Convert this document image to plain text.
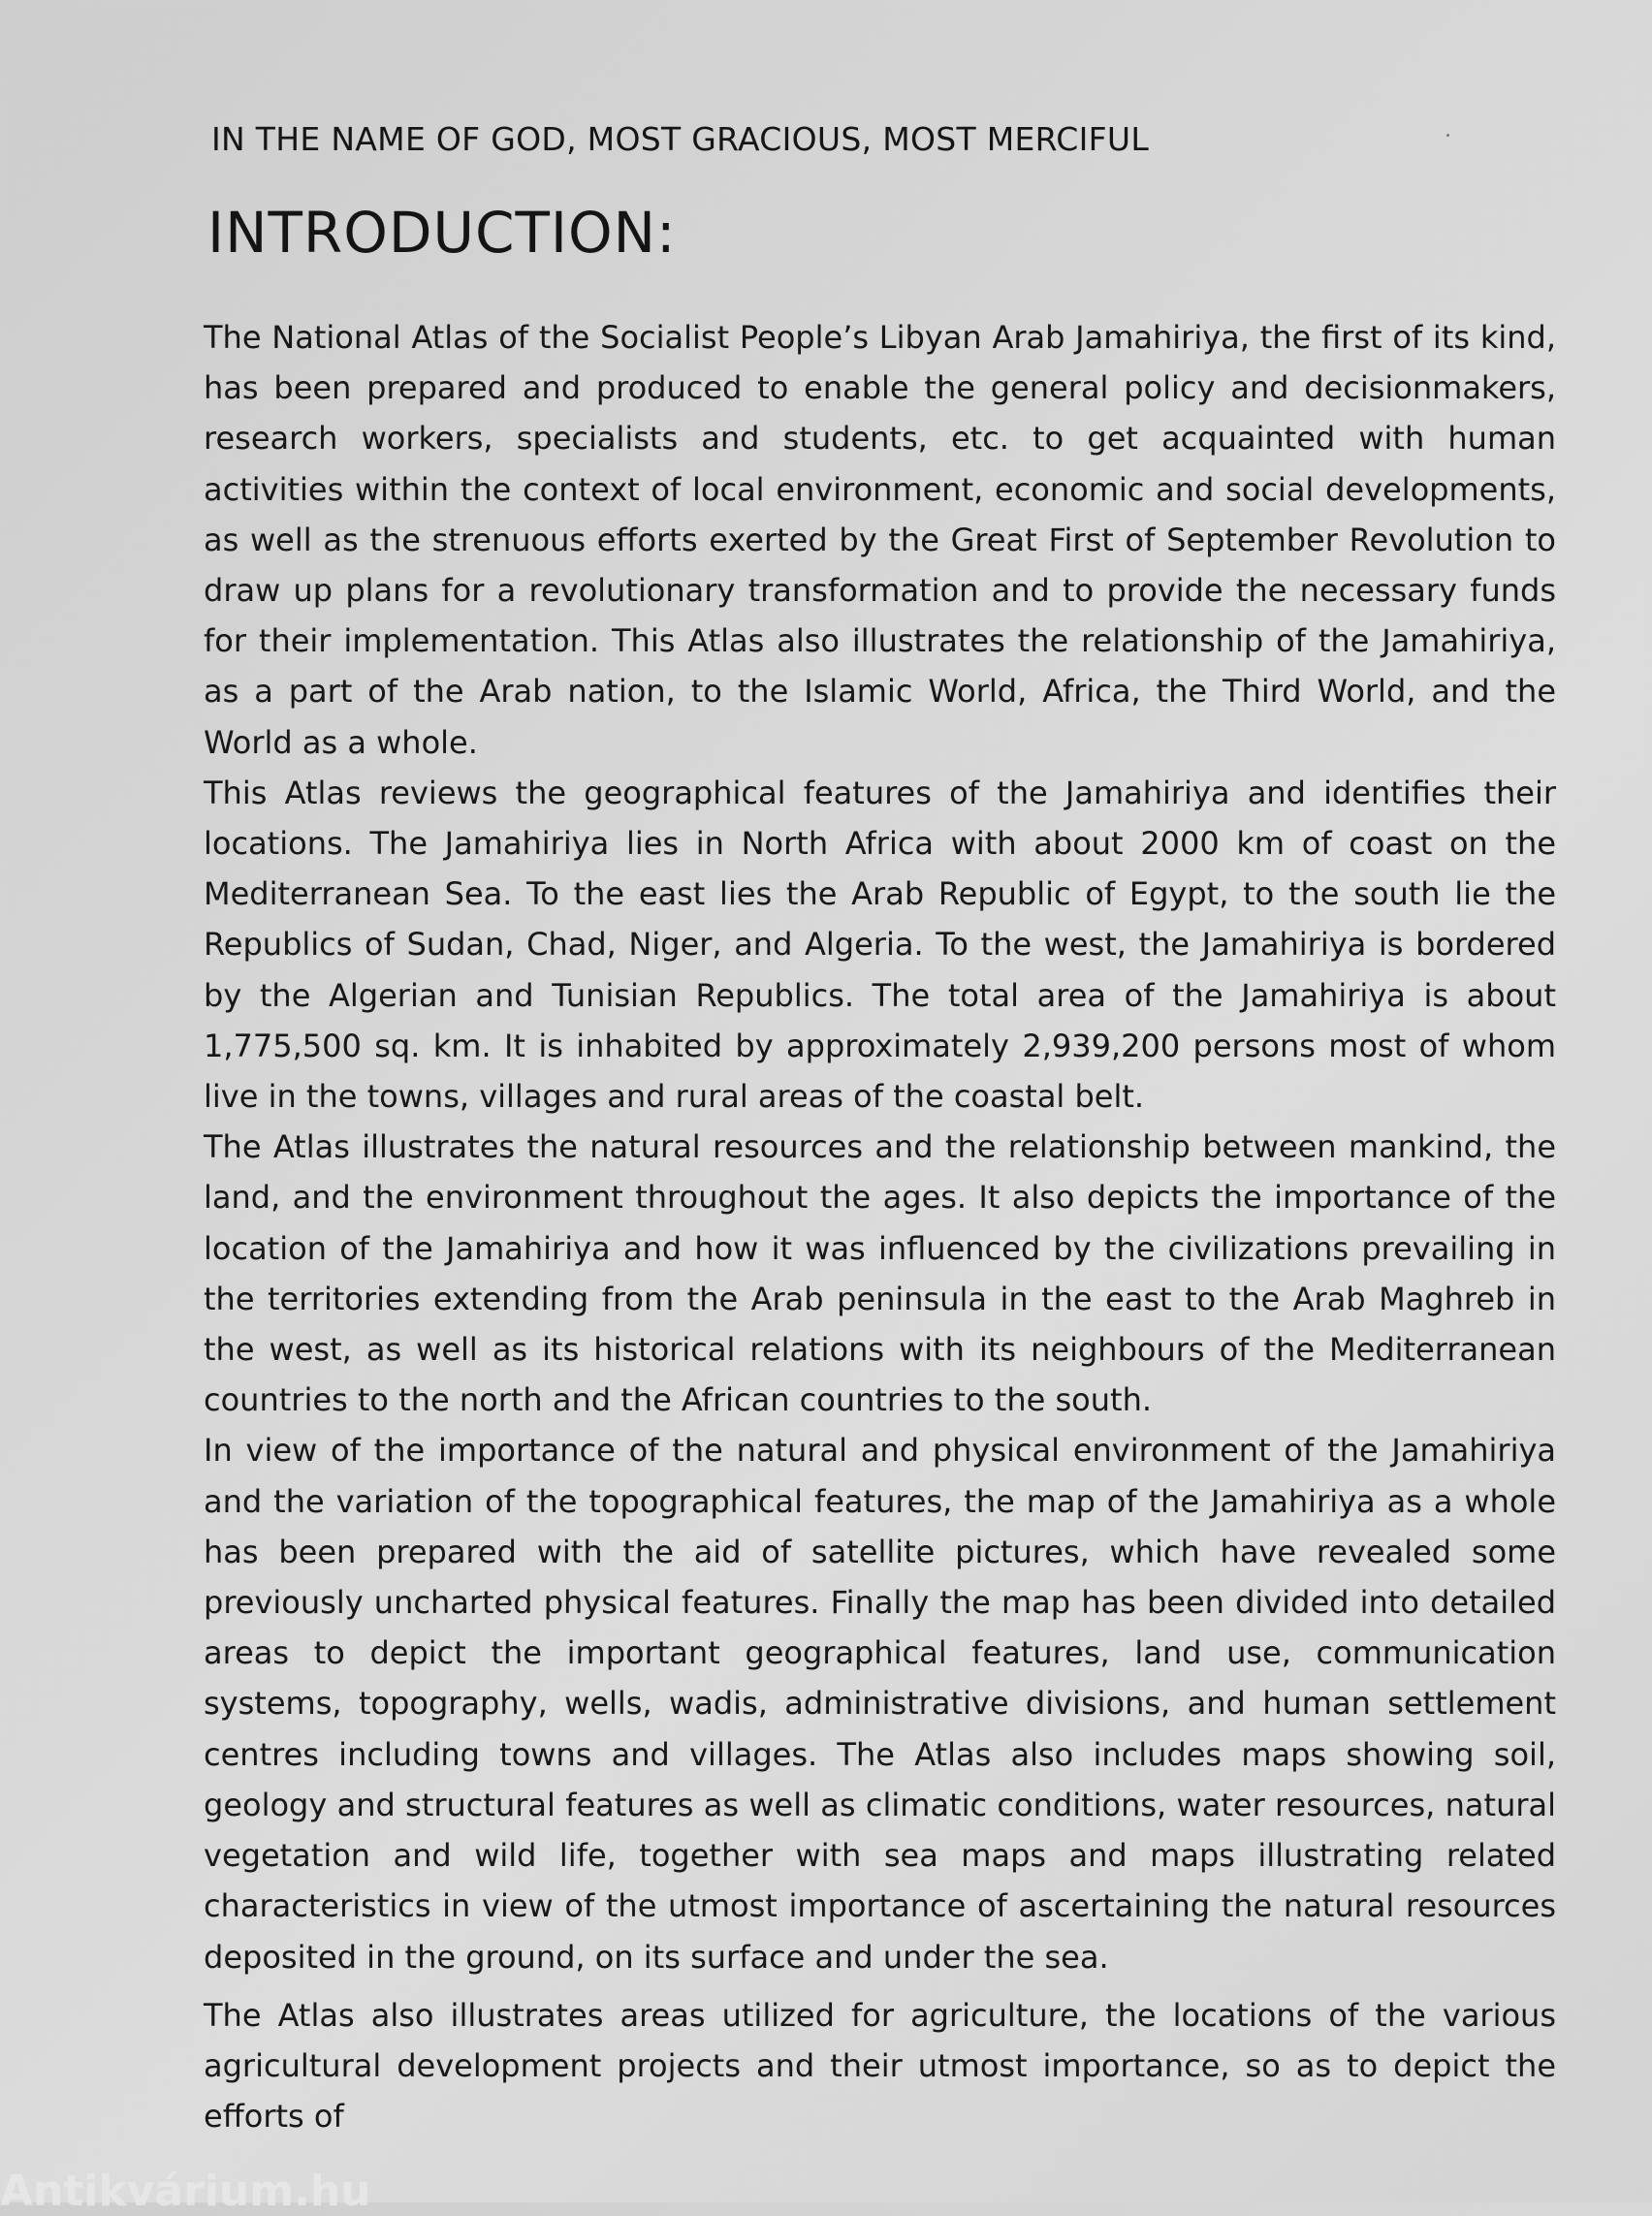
IN THE NAME OF GOD, MOST GRACIOUS, MOST MERCIFUL
INTRODUCTION:

The National Atlas of the Socialist People’s Libyan Arab Jamahiriya, the first of its kind, has been prepared and produced to enable the general policy and decisionmakers, research workers, specialists and students, etc. to get acquainted with human activities within the context of local environment, economic and social developments, as well as the strenuous efforts exerted by the Great First of September Revolution to draw up plans for a revolutionary transformation and to provide the necessary funds for their implementation. This Atlas also illustrates the relationship of the Jamahiriya, as a part of the Arab nation, to the Islamic World, Africa, the Third World, and the World as a whole.

This Atlas reviews the geographical features of the Jamahiriya and identifies their locations. The Jamahiriya lies in North Africa with about 2000 km of coast on the Mediterranean Sea. To the east lies the Arab Republic of Egypt, to the south lie the Republics of Sudan, Chad, Niger, and Algeria. To the west, the Jamahiriya is bordered by the Algerian and Tunisian Republics. The total area of the Jamahiriya is about 1,775,500 sq. km. It is inhabited by approximately 2,939,200 persons most of whom live in the towns, villages and rural areas of the coastal belt.

The Atlas illustrates the natural resources and the relationship between mankind, the land, and the environment throughout the ages. It also depicts the importance of the location of the Jamahiriya and how it was influenced by the civilizations prevailing in the territories extending from the Arab peninsula in the east to the Arab Maghreb in the west, as well as its historical relations with its neighbours of the Mediterranean countries to the north and the African countries to the south.

In view of the importance of the natural and physical environment of the Jamahiriya and the variation of the topographical features, the map of the Jamahiriya as a whole has been prepared with the aid of satellite pictures, which have revealed some previously uncharted physical features. Finally the map has been divided into detailed areas to depict the important geographical features, land use, communication systems, topography, wells, wadis, administrative divisions, and human settlement centres including towns and villages. The Atlas also includes maps showing soil, geology and structural features as well as climatic conditions, water resources, natural vegetation and wild life, together with sea maps and maps illustrating related characteristics in view of the utmost importance of ascertaining the natural resources deposited in the ground, on its surface and under the sea.

The Atlas also illustrates areas utilized for agriculture, the locations of the various agricultural development projects and their utmost importance, so as to depict the efforts of

Antikvárium.hu
